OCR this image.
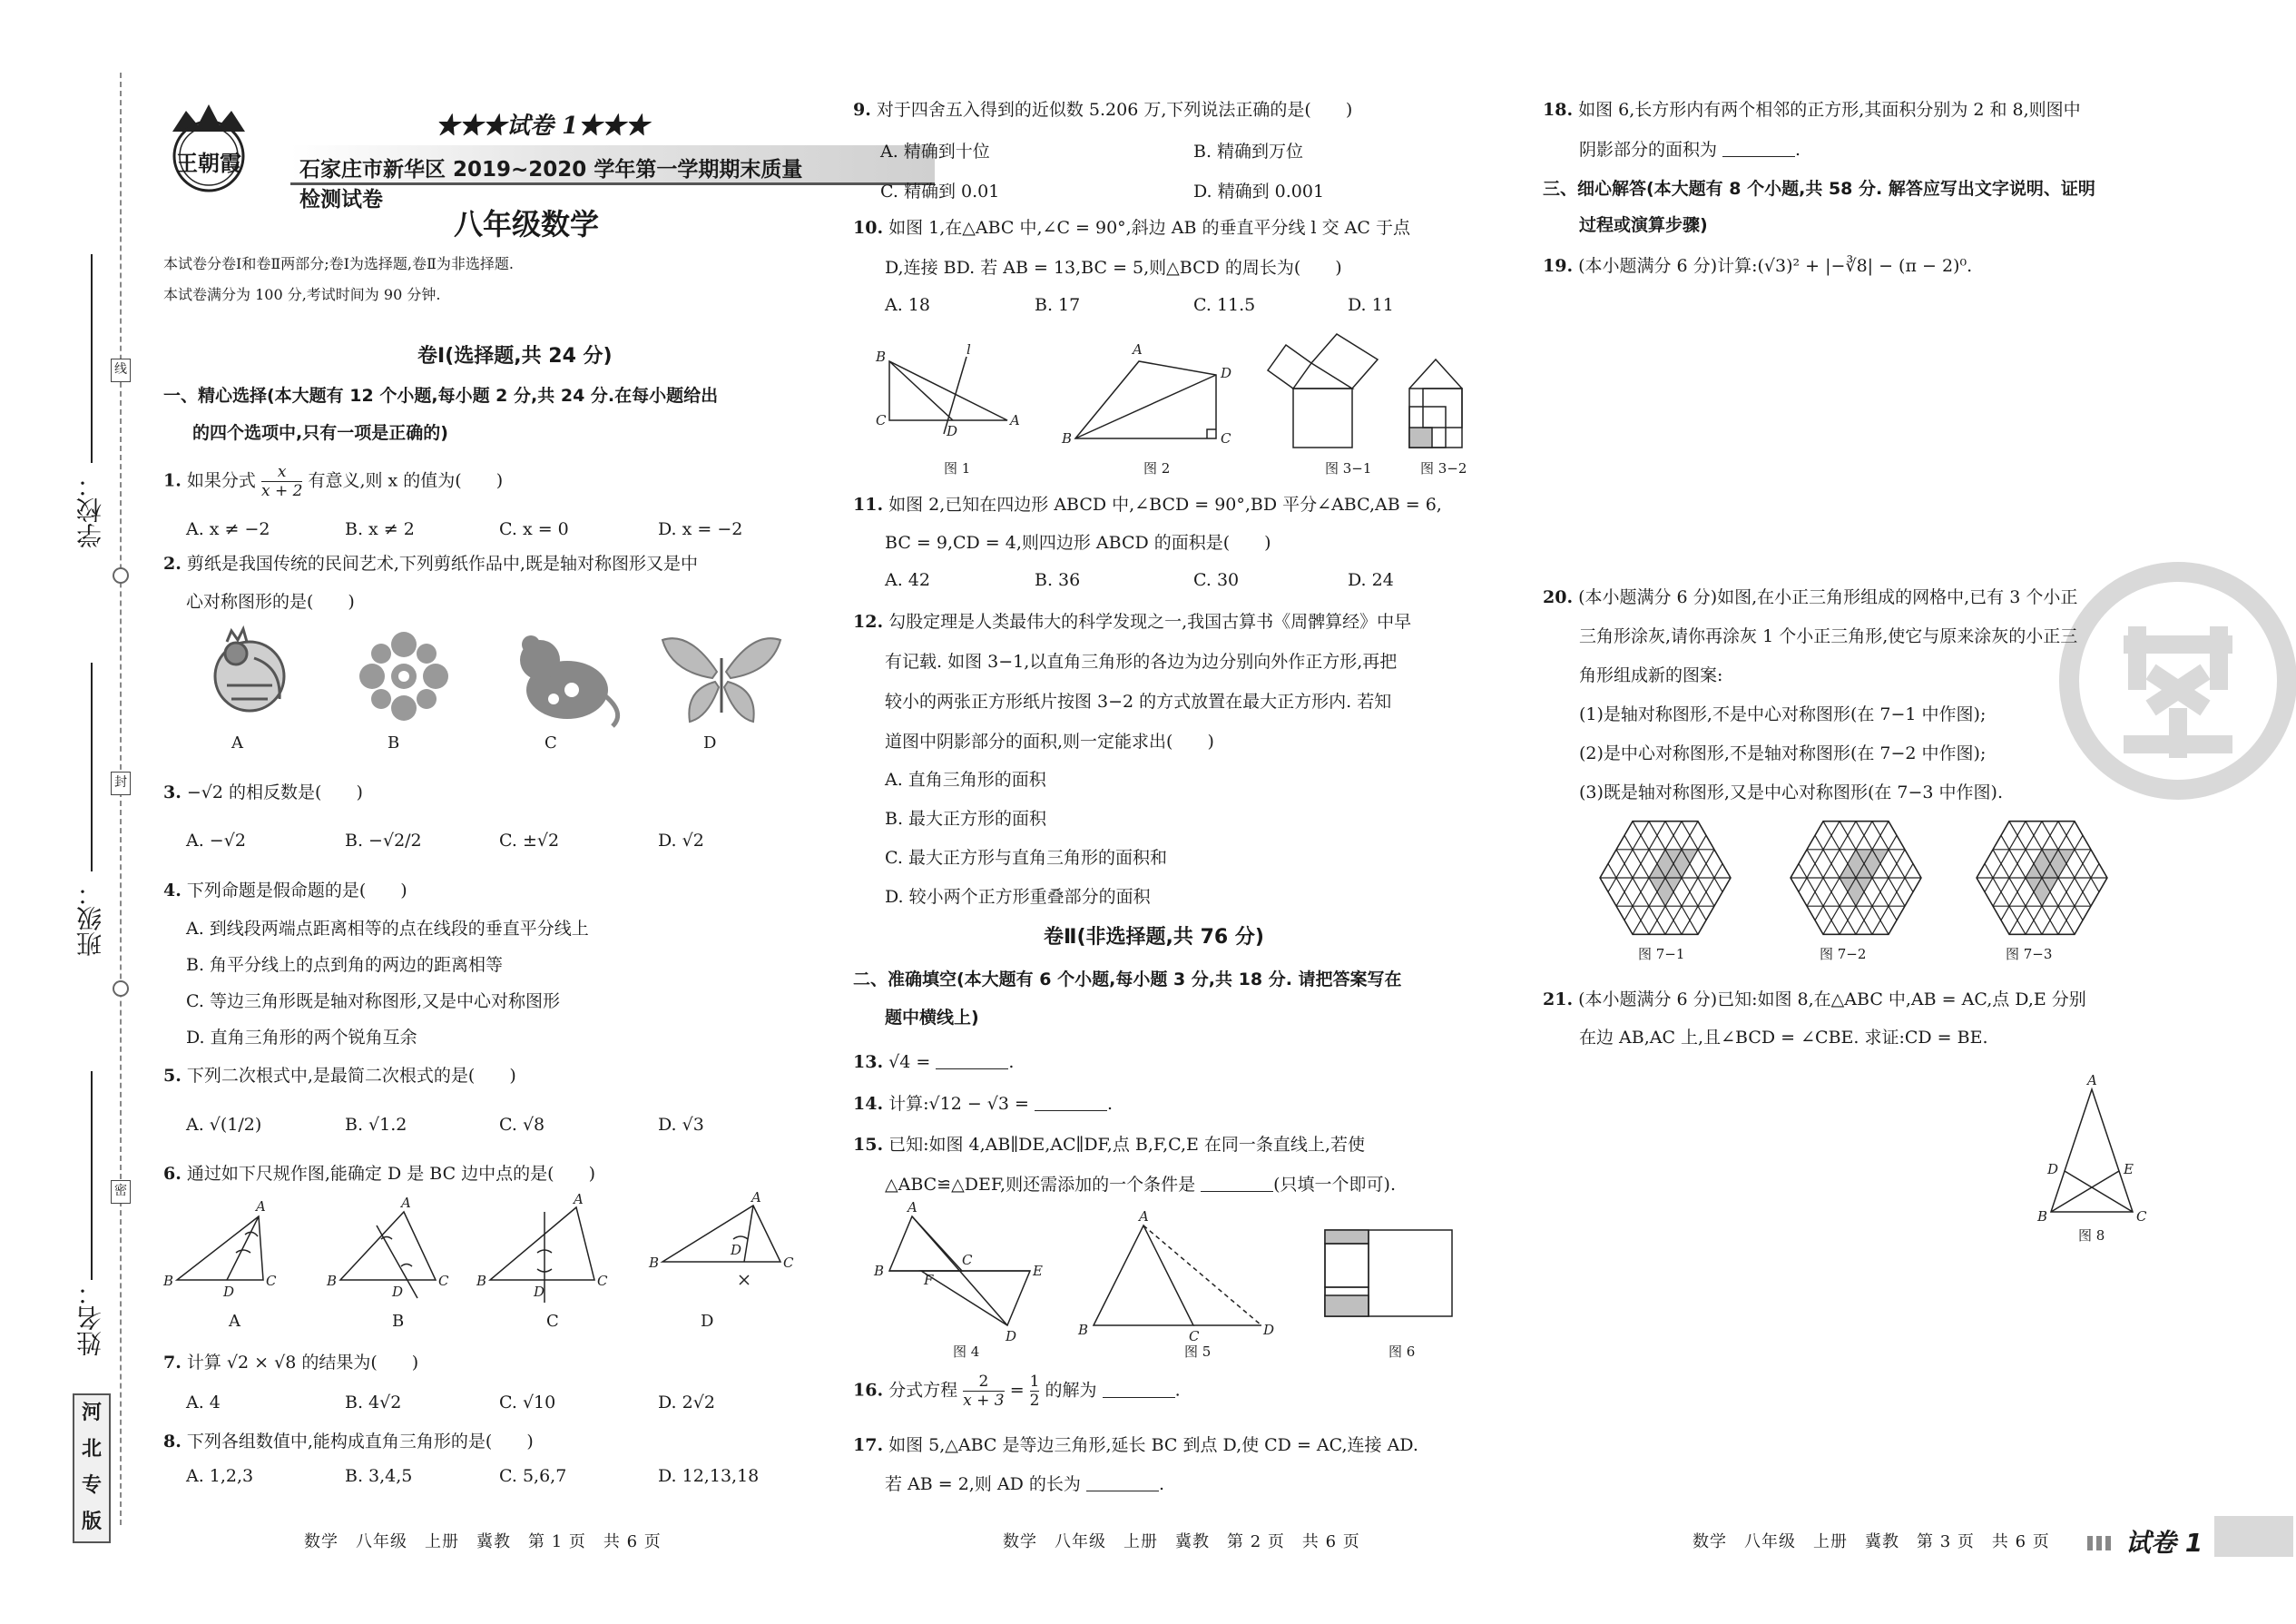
学校：
班级：
姓名：
线
封
密
河
北
专
版
王朝霞
★★★试卷 1★★★
石家庄市新华区 2019~2020 学年第一学期期末质量检测试卷
八年级数学
本试卷分卷Ⅰ和卷Ⅱ两部分;卷Ⅰ为选择题,卷Ⅱ为非选择题.
本试卷满分为 100 分,考试时间为 90 分钟.
卷Ⅰ(选择题,共 24 分)
一、精心选择(本大题有 12 个小题,每小题 2 分,共 24 分.在每小题给出
的四个选项中,只有一项是正确的)
1. 如果分式 $\frac{x}{x + 2}$ 有意义,则 x 的值为(　　)
A. x ≠ −2	B. x ≠ 2	C. x = 0	D. x = −2
2. 剪纸是我国传统的民间艺术,下列剪纸作品中,既是轴对称图形又是中
心对称图形的是(　　)
A	B	C	D
3. −√2 的相反数是(　　)
A. −√2	B. −√2/2	C. ±√2	D. √2
4. 下列命题是假命题的是(　　)
A. 到线段两端点距离相等的点在线段的垂直平分线上
B. 角平分线上的点到角的两边的距离相等
C. 等边三角形既是轴对称图形,又是中心对称图形
D. 直角三角形的两个锐角互余
5. 下列二次根式中,是最简二次根式的是(　　)
A. √(1/2)	B. √1.2	C. √8	D. √3
6. 通过如下尺规作图,能确定 D 是 BC 边中点的是(　　)
B
A
C
D
B
A
C
D
B
A
C
D
B
A
C
D
A	B	C	D
7. 计算 √2 × √8 的结果为(　　)
A. 4	B. 4√2	C. √10	D. 2√2
8. 下列各组数值中,能构成直角三角形的是(　　)
A. 1,2,3	B. 3,4,5	C. 5,6,7	D. 12,13,18
数学　八年级　上册　冀教　第 1 页　共 6 页
9. 对于四舍五入得到的近似数 5.206 万,下列说法正确的是(　　)
A. 精确到十位	B. 精确到万位
C. 精确到 0.01	D. 精确到 0.001
10. 如图 1,在△ABC 中,∠C = 90°,斜边 AB 的垂直平分线 l 交 AC 于点
D,连接 BD. 若 AB = 13,BC = 5,则△BCD 的周长为(　　)
A. 18	B. 17	C. 11.5	D. 11
B
C	A
D
l
B
A
D
C
图 1	图 2	图 3−1	图 3−2
11. 如图 2,已知在四边形 ABCD 中,∠BCD = 90°,BD 平分∠ABC,AB = 6,
BC = 9,CD = 4,则四边形 ABCD 的面积是(　　)
A. 42	B. 36	C. 30	D. 24
12. 勾股定理是人类最伟大的科学发现之一,我国古算书《周髀算经》中早
有记载. 如图 3−1,以直角三角形的各边为边分别向外作正方形,再把
较小的两张正方形纸片按图 3−2 的方式放置在最大正方形内. 若知
道图中阴影部分的面积,则一定能求出(　　)
A. 直角三角形的面积
B. 最大正方形的面积
C. 最大正方形与直角三角形的面积和
D. 较小两个正方形重叠部分的面积
卷Ⅱ(非选择题,共 76 分)
二、准确填空(本大题有 6 个小题,每小题 3 分,共 18 分. 请把答案写在
题中横线上)
13. √4 =	.
14. 计算:√12 − √3 =	.
15. 已知:如图 4,AB∥DE,AC∥DF,点 B,F,C,E 在同一条直线上,若使
△ABC≌△DEF,则还需添加的一个条件是	(只填一个即可).
B
A
C
F
E
D	B
A
C	D
图 4	图 5	图 6
16. 分式方程 $\frac{2}{x + 3} = \frac{1}{2}$ 的解为	.
17. 如图 5,△ABC 是等边三角形,延长 BC 到点 D,使 CD = AC,连接 AD.
若 AB = 2,则 AD 的长为	.
数学　八年级　上册　冀教　第 2 页　共 6 页
18. 如图 6,长方形内有两个相邻的正方形,其面积分别为 2 和 8,则图中
阴影部分的面积为	.
三、细心解答(本大题有 8 个小题,共 58 分. 解答应写出文字说明、证明
过程或演算步骤)
19. (本小题满分 6 分)计算:(√3)² + |−∛8| − (π − 2)⁰.
20. (本小题满分 6 分)如图,在小正三角形组成的网格中,已有 3 个小正
三角形涂灰,请你再涂灰 1 个小正三角形,使它与原来涂灰的小正三
角形组成新的图案:
(1)是轴对称图形,不是中心对称图形(在 7−1 中作图);
(2)是中心对称图形,不是轴对称图形(在 7−2 中作图);
(3)既是轴对称图形,又是中心对称图形(在 7−3 中作图).
图 7−1	图 7−2	图 7−3
21. (本小题满分 6 分)已知:如图 8,在△ABC 中,AB = AC,点 D,E 分别
在边 AB,AC 上,且∠BCD = ∠CBE. 求证:CD = BE.
A
B	C
D	E
图 8
数学　八年级　上册　冀教　第 3 页　共 6 页	试卷 1
